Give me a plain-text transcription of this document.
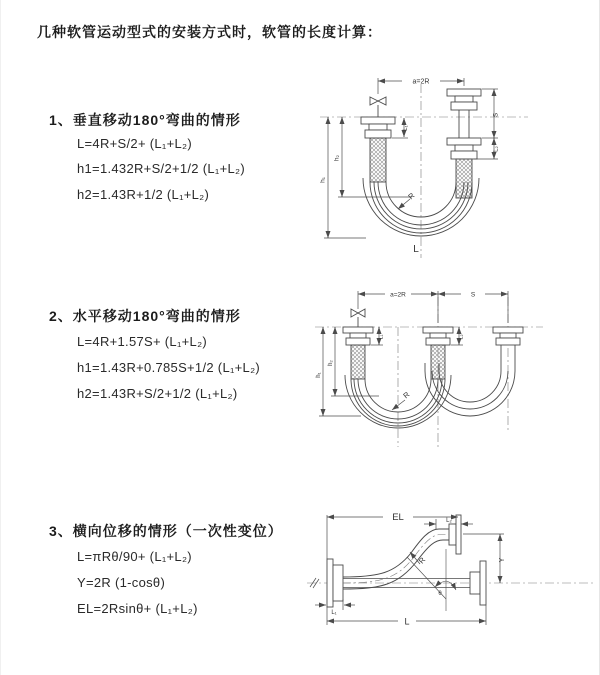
几种软管运动型式的安装方式时，软管的长度计算：
1、垂直移动180°弯曲的情形
L=4R+S/2+ (L₁+L₂)
h1=1.432R+S/2+1/2 (L₁+L₂)
h2=1.43R+1/2 (L₁+L₂)
2、水平移动180°弯曲的情形
L=4R+1.57S+ (L₁+L₂)
h1=1.43R+0.785S+1/2 (L₁+L₂)
h2=1.43R+S/2+1/2 (L₁+L₂)
3、横向位移的情形（一次性变位）
L=πRθ/90+ (L₁+L₂)
Y=2R (1-cosθ)
EL=2Rsinθ+ (L₁+L₂)
a=2R
L₁
S
L₂
h₂
h₁
R
L
a=2R	S
L₁	L₂
h₂
h₁
R
EL	L₂
Y
R
θ
L₁
L
